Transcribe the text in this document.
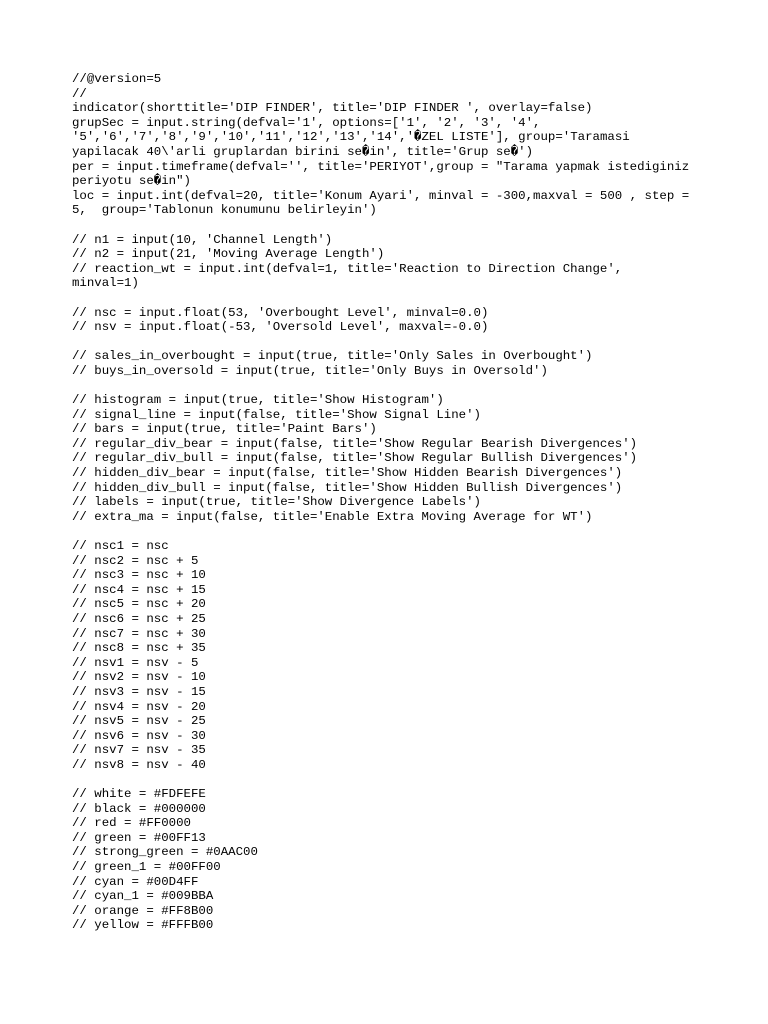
//@version=5
//
indicator(shorttitle='DIP FINDER', title='DIP FINDER ', overlay=false)
grupSec = input.string(defval='1', options=['1', '2', '3', '4',
'5','6','7','8','9','10','11','12','13','14','�ZEL LISTE'], group='Taramasi
yapilacak 40\'arli gruplardan birini se�in', title='Grup se�')
per = input.timeframe(defval='', title='PERIYOT',group = "Tarama yapmak istediginiz
periyotu se�in")
loc = input.int(defval=20, title='Konum Ayari', minval = -300,maxval = 500 , step =
5,  group='Tablonun konumunu belirleyin')
// n1 = input(10, 'Channel Length')
// n2 = input(21, 'Moving Average Length')
// reaction_wt = input.int(defval=1, title='Reaction to Direction Change',
minval=1)
// nsc = input.float(53, 'Overbought Level', minval=0.0)
// nsv = input.float(-53, 'Oversold Level', maxval=-0.0)
// sales_in_overbought = input(true, title='Only Sales in Overbought')
// buys_in_oversold = input(true, title='Only Buys in Oversold')
// histogram = input(true, title='Show Histogram')
// signal_line = input(false, title='Show Signal Line')
// bars = input(true, title='Paint Bars')
// regular_div_bear = input(false, title='Show Regular Bearish Divergences')
// regular_div_bull = input(false, title='Show Regular Bullish Divergences')
// hidden_div_bear = input(false, title='Show Hidden Bearish Divergences')
// hidden_div_bull = input(false, title='Show Hidden Bullish Divergences')
// labels = input(true, title='Show Divergence Labels')
// extra_ma = input(false, title='Enable Extra Moving Average for WT')
// nsc1 = nsc
// nsc2 = nsc + 5
// nsc3 = nsc + 10
// nsc4 = nsc + 15
// nsc5 = nsc + 20
// nsc6 = nsc + 25
// nsc7 = nsc + 30
// nsc8 = nsc + 35
// nsv1 = nsv - 5
// nsv2 = nsv - 10
// nsv3 = nsv - 15
// nsv4 = nsv - 20
// nsv5 = nsv - 25
// nsv6 = nsv - 30
// nsv7 = nsv - 35
// nsv8 = nsv - 40
// white = #FDFEFE
// black = #000000
// red = #FF0000
// green = #00FF13
// strong_green = #0AAC00
// green_1 = #00FF00
// cyan = #00D4FF
// cyan_1 = #009BBA
// orange = #FF8B00
// yellow = #FFFB00
